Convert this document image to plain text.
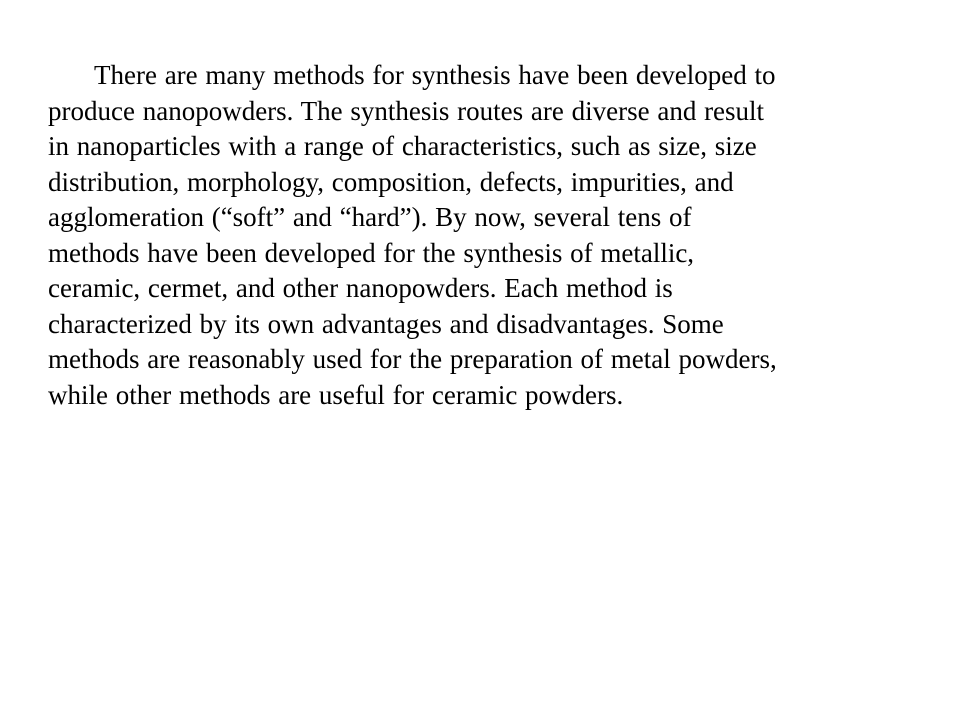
There are many methods for synthesis have been developed to
produce nanopowders. The synthesis routes are diverse and result
in nanoparticles with a range of characteristics, such as size, size
distribution, morphology, composition, defects, impurities, and
agglomeration (“soft” and “hard”). By now, several tens of
methods have been developed for the synthesis of metallic,
ceramic, cermet, and other nanopowders. Each method is
characterized by its own advantages and disadvantages. Some
methods are reasonably used for the preparation of metal powders,
while other methods are useful for ceramic powders.
